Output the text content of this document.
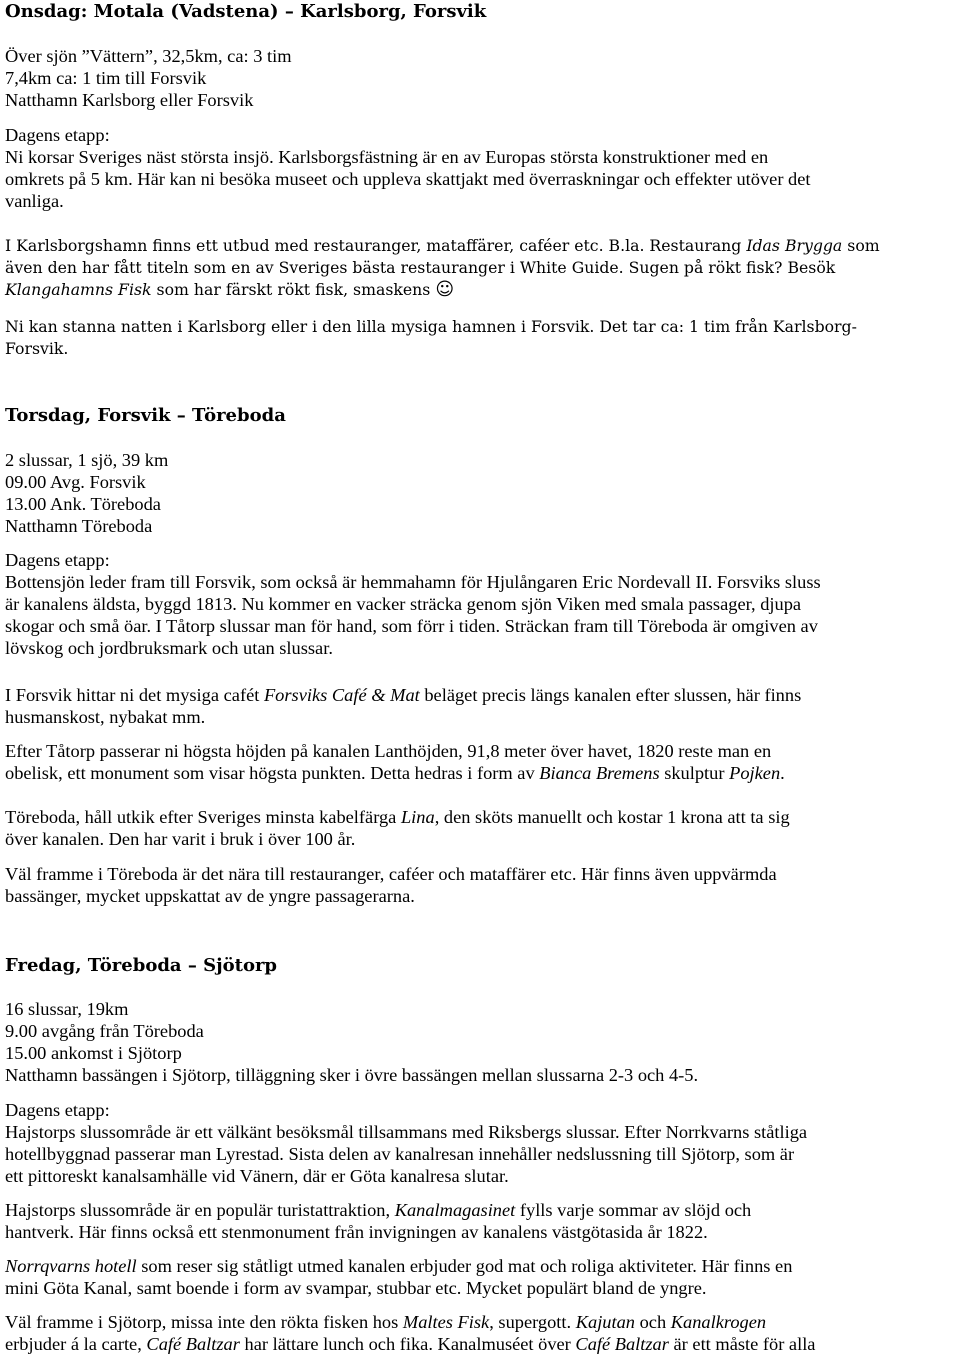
Onsdag: Motala (Vadstena) – Karlsborg, Forsvik
Över sjön ”Vättern”, 32,5km, ca: 3 tim
7,4km ca: 1 tim till Forsvik
Natthamn Karlsborg eller Forsvik
Dagens etapp:
Ni korsar Sveriges näst största insjö. Karlsborgsfästning är en av Europas största konstruktioner med en
omkrets på 5 km. Här kan ni besöka museet och uppleva skattjakt med överraskningar och effekter utöver det
vanliga.
I Karlsborgshamn finns ett utbud med restauranger, mataffärer, caféer etc. B.la. Restaurang Idas Brygga som
även den har fått titeln som en av Sveriges bästa restauranger i White Guide. Sugen på rökt fisk? Besök
Klangahamns Fisk som har färskt rökt fisk, smaskens ☺
Ni kan stanna natten i Karlsborg eller i den lilla mysiga hamnen i Forsvik. Det tar ca: 1 tim från Karlsborg-
Forsvik.
Torsdag, Forsvik – Töreboda
2 slussar, 1 sjö, 39 km
09.00 Avg. Forsvik
13.00 Ank. Töreboda
Natthamn Töreboda
Dagens etapp:
Bottensjön leder fram till Forsvik, som också är hemmahamn för Hjulångaren Eric Nordevall II. Forsviks sluss
är kanalens äldsta, byggd 1813. Nu kommer en vacker sträcka genom sjön Viken med smala passager, djupa
skogar och små öar. I Tåtorp slussar man för hand, som förr i tiden. Sträckan fram till Töreboda är omgiven av
lövskog och jordbruksmark och utan slussar.
I Forsvik hittar ni det mysiga cafét Forsviks Café & Mat beläget precis längs kanalen efter slussen, här finns
husmanskost, nybakat mm.
Efter Tåtorp passerar ni högsta höjden på kanalen Lanthöjden, 91,8 meter över havet, 1820 reste man en
obelisk, ett monument som visar högsta punkten. Detta hedras i form av Bianca Bremens skulptur Pojken.
Töreboda, håll utkik efter Sveriges minsta kabelfärga Lina, den sköts manuellt och kostar 1 krona att ta sig
över kanalen. Den har varit i bruk i över 100 år.
Väl framme i Töreboda är det nära till restauranger, caféer och mataffärer etc. Här finns även uppvärmda
bassänger, mycket uppskattat av de yngre passagerarna.
Fredag, Töreboda – Sjötorp
16 slussar, 19km
9.00 avgång från Töreboda
15.00 ankomst i Sjötorp
Natthamn bassängen i Sjötorp, tilläggning sker i övre bassängen mellan slussarna 2-3 och 4-5.
Dagens etapp:
Hajstorps slussområde är ett välkänt besöksmål tillsammans med Riksbergs slussar. Efter Norrkvarns ståtliga
hotellbyggnad passerar man Lyrestad. Sista delen av kanalresan innehåller nedslussning till Sjötorp, som är
ett pittoreskt kanalsamhälle vid Vänern, där er Göta kanalresa slutar.
Hajstorps slussområde är en populär turistattraktion, Kanalmagasinet fylls varje sommar av slöjd och
hantverk. Här finns också ett stenmonument från invigningen av kanalens västgötasida år 1822.
Norrqvarns hotell som reser sig ståtligt utmed kanalen erbjuder god mat och roliga aktiviteter. Här finns en
mini Göta Kanal, samt boende i form av svampar, stubbar etc. Mycket populärt bland de yngre.
Väl framme i Sjötorp, missa inte den rökta fisken hos Maltes Fisk, supergott. Kajutan och Kanalkrogen
erbjuder á la carte, Café Baltzar har lättare lunch och fika. Kanalmuséet över Café Baltzar är ett måste för alla
